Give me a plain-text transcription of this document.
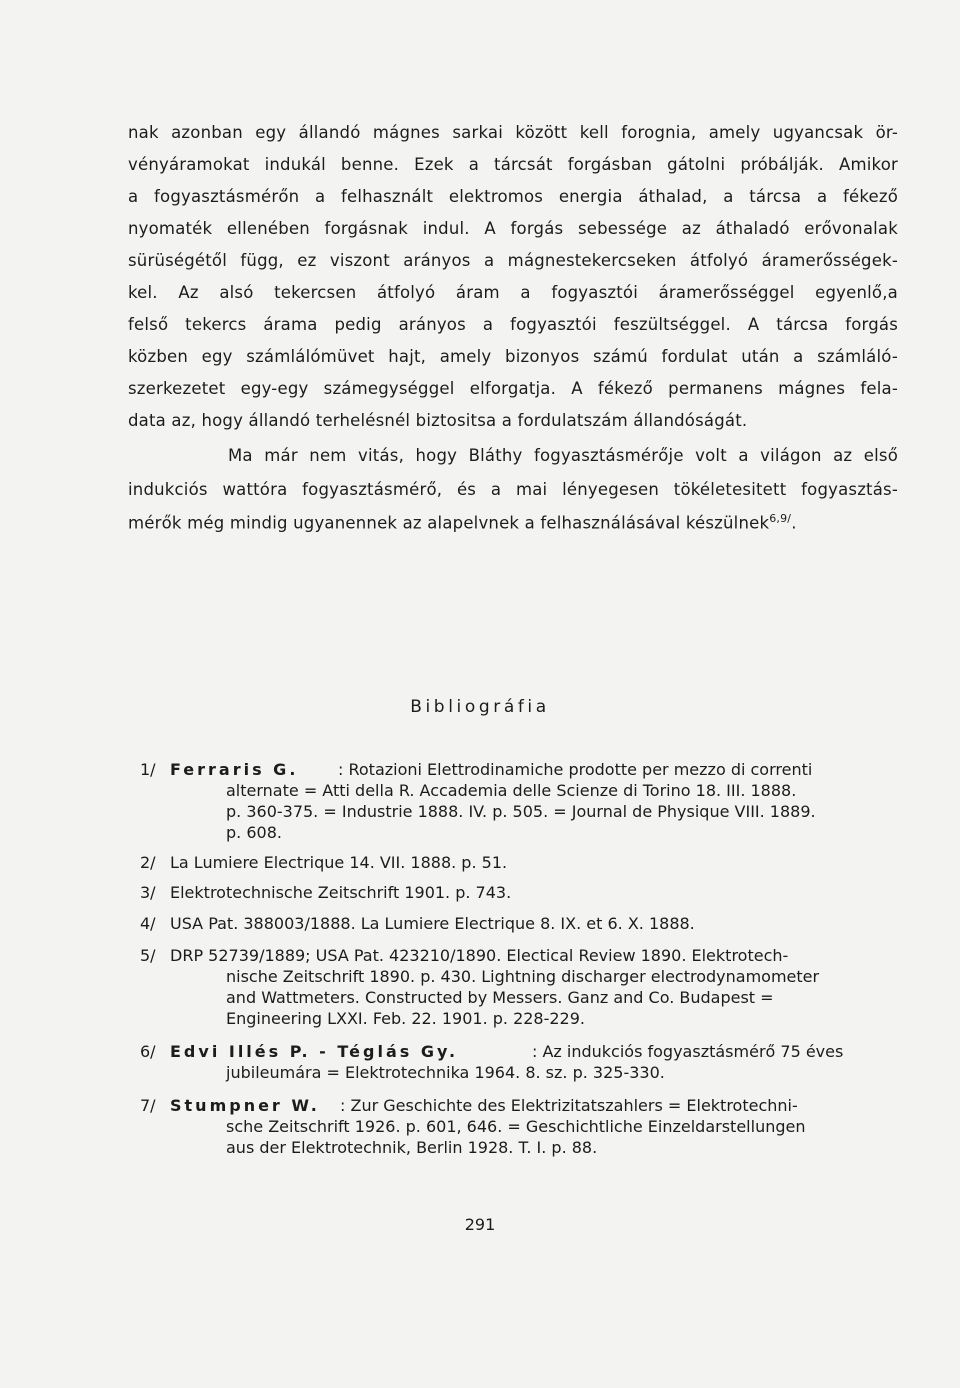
nak azonban egy állandó mágnes sarkai között kell forognia, amely ugyancsak ör-
vényáramokat indukál benne. Ezek a tárcsát forgásban gátolni próbálják. Amikor
a fogyasztásmérőn a felhasznált elektromos energia áthalad, a tárcsa a fékező
nyomaték ellenében forgásnak indul. A forgás sebessége az áthaladó erővonalak
sürüségétől függ, ez viszont arányos a mágnestekercseken átfolyó áramerősségek-
kel. Az alsó tekercsen átfolyó áram a fogyasztói áramerősséggel egyenlő,a
felső tekercs árama pedig arányos a fogyasztói feszültséggel. A tárcsa forgás
közben egy számlálómüvet hajt, amely bizonyos számú fordulat után a számláló-
szerkezetet egy-egy számegységgel elforgatja. A fékező permanens mágnes fela-
data az, hogy állandó terhelésnél biztositsa a fordulatszám állandóságát.
Ma már nem vitás, hogy Bláthy fogyasztásmérője volt a világon az első
indukciós wattóra fogyasztásmérő, és a mai lényegesen tökéletesitett fogyasztás-
mérők még mindig ugyanennek az alapelvnek a felhasználásával készülnek$^{6,9/}$.
Bibliográfia
1/ Ferraris G. : Rotazioni Elettrodinamiche prodotte per mezzo di correnti
alternate = Atti della R. Accademia delle Scienze di Torino 18. III. 1888.
p. 360-375. = Industrie 1888. IV. p. 505. = Journal de Physique VIII. 1889.
p. 608.
2/ La Lumiere Electrique 14. VII. 1888. p. 51.
3/ Elektrotechnische Zeitschrift 1901. p. 743.
4/ USA Pat. 388003/1888. La Lumiere Electrique 8. IX. et 6. X. 1888.
5/ DRP 52739/1889; USA Pat. 423210/1890. Electical Review 1890. Elektrotech-
nische Zeitschrift 1890. p. 430. Lightning discharger electrodynamometer
and Wattmeters. Constructed by Messers. Ganz and Co. Budapest =
Engineering LXXI. Feb. 22. 1901. p. 228-229.
6/ Edvi Illés P. - Téglás Gy.	: Az indukciós fogyasztásmérő 75 éves
jubileumára = Elektrotechnika 1964. 8. sz. p. 325-330.
7/ Stumpner W. : Zur Geschichte des Elektrizitatszahlers = Elektrotechni-
sche Zeitschrift 1926. p. 601, 646. = Geschichtliche Einzeldarstellungen
aus der Elektrotechnik, Berlin 1928. T. I. p. 88.
291
